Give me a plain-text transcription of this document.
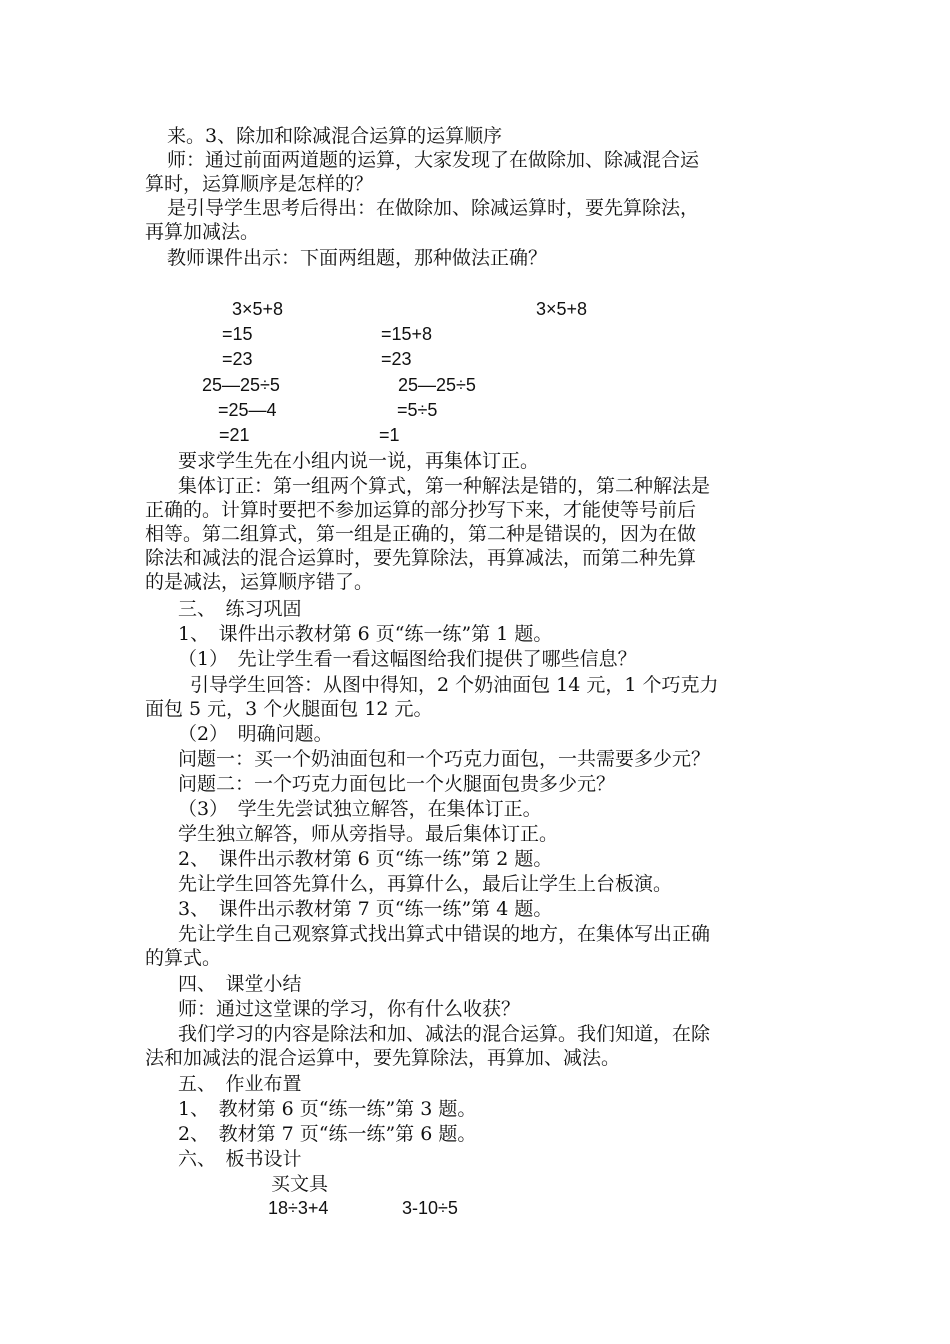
来。3、除加和除减混合运算的运算顺序
师：通过前面两道题的运算，大家发现了在做除加、除减混合运
算时，运算顺序是怎样的？
是引导学生思考后得出：在做除加、除减运算时，要先算除法，
再算加减法。
教师课件出示：下面两组题，那种做法正确？
3×5+8	3×5+8
=15	=15+8
=23	=23
25—25÷5	25—25÷5
=25—4	=5÷5
=21	=1
要求学生先在小组内说一说，再集体订正。
集体订正：第一组两个算式，第一种解法是错的，第二种解法是
正确的。计算时要把不参加运算的部分抄写下来，才能使等号前后
相等。第二组算式，第一组是正确的，第二种是错误的，因为在做
除法和减法的混合运算时，要先算除法，再算减法，而第二种先算
的是减法，运算顺序错了。
三、　练习巩固
1、　课件出示教材第 6 页“练一练”第 1 题。
（1）　先让学生看一看这幅图给我们提供了哪些信息？
引导学生回答：从图中得知，2 个奶油面包 14 元，1 个巧克力
面包 5 元，3 个火腿面包 12 元。
（2）　明确问题。
问题一：买一个奶油面包和一个巧克力面包，一共需要多少元？
问题二：一个巧克力面包比一个火腿面包贵多少元？
（3）　学生先尝试独立解答，在集体订正。
学生独立解答，师从旁指导。最后集体订正。
2、　课件出示教材第 6 页“练一练”第 2 题。
先让学生回答先算什么，再算什么，最后让学生上台板演。
3、　课件出示教材第 7 页“练一练”第 4 题。
先让学生自己观察算式找出算式中错误的地方，在集体写出正确
的算式。
四、　课堂小结
师：通过这堂课的学习，你有什么收获？
我们学习的内容是除法和加、减法的混合运算。我们知道，在除
法和加减法的混合运算中，要先算除法，再算加、减法。
五、　作业布置
1、　教材第 6 页“练一练”第 3 题。
2、　教材第 7 页“练一练”第 6 题。
六、　板书设计
买文具
18÷3+4	3-10÷5
